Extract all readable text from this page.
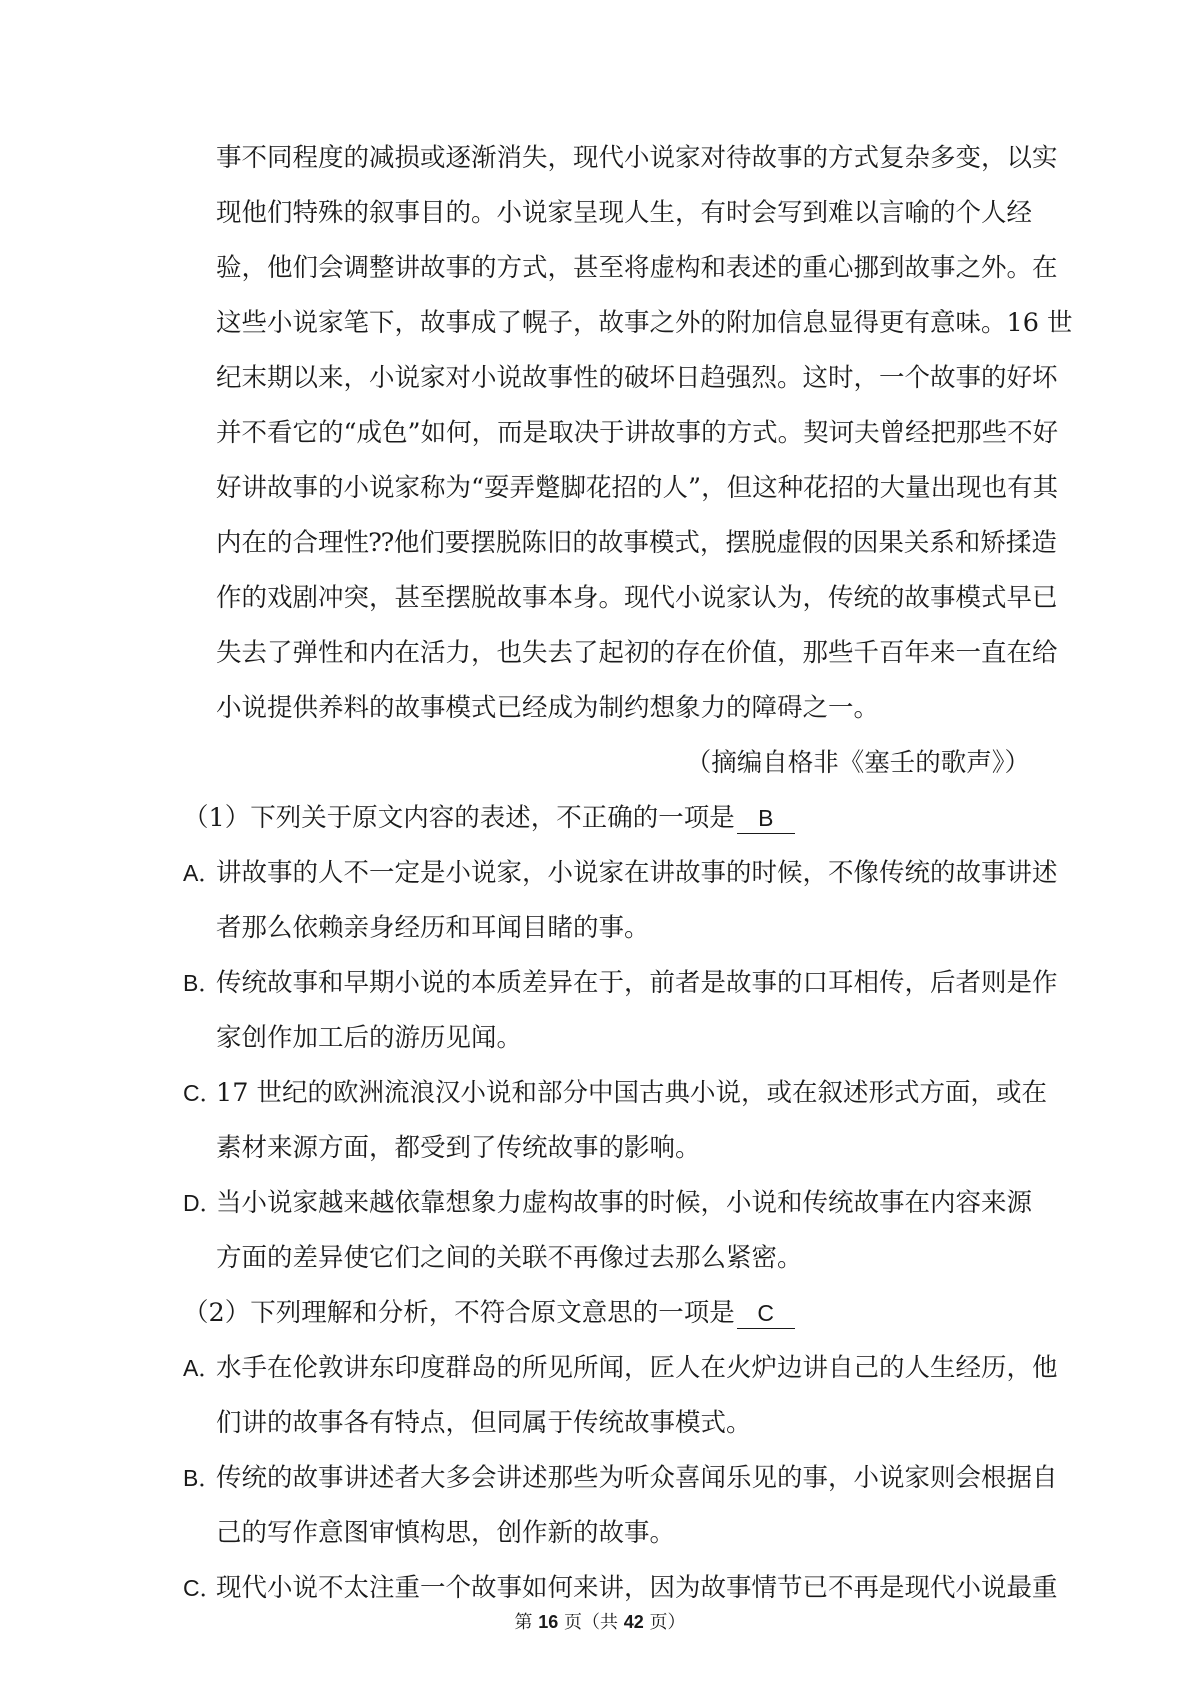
事不同程度的减损或逐渐消失，现代小说家对待故事的方式复杂多变，以实
现他们特殊的叙事目的。小说家呈现人生，有时会写到难以言喻的个人经
验，他们会调整讲故事的方式，甚至将虚构和表述的重心挪到故事之外。在
这些小说家笔下，故事成了幌子，故事之外的附加信息显得更有意味。16 世
纪末期以来，小说家对小说故事性的破坏日趋强烈。这时，一个故事的好坏
并不看它的“成色”如何，而是取决于讲故事的方式。契诃夫曾经把那些不好
好讲故事的小说家称为“耍弄蹩脚花招的人”，但这种花招的大量出现也有其
内在的合理性⁇他们要摆脱陈旧的故事模式，摆脱虚假的因果关系和矫揉造
作的戏剧冲突，甚至摆脱故事本身。现代小说家认为，传统的故事模式早已
失去了弹性和内在活力，也失去了起初的存在价值，那些千百年来一直在给
小说提供养料的故事模式已经成为制约想象力的障碍之一。
（摘编自格非《塞壬的歌声》）
（1）下列关于原文内容的表述，不正确的一项是 B
A．
讲故事的人不一定是小说家，小说家在讲故事的时候，不像传统的故事讲述
者那么依赖亲身经历和耳闻目睹的事。
B．
传统故事和早期小说的本质差异在于，前者是故事的口耳相传，后者则是作
家创作加工后的游历见闻。
C．
17 世纪的欧洲流浪汉小说和部分中国古典小说，或在叙述形式方面，或在
素材来源方面，都受到了传统故事的影响。
D．
当小说家越来越依靠想象力虚构故事的时候，小说和传统故事在内容来源
方面的差异使它们之间的关联不再像过去那么紧密。
（2）下列理解和分析，不符合原文意思的一项是 C
A．
水手在伦敦讲东印度群岛的所见所闻，匠人在火炉边讲自己的人生经历，他
们讲的故事各有特点，但同属于传统故事模式。
B．
传统的故事讲述者大多会讲述那些为听众喜闻乐见的事，小说家则会根据自
己的写作意图审慎构思，创作新的故事。
C．
现代小说不太注重一个故事如何来讲，因为故事情节已不再是现代小说最重
第 16 页（共 42 页）
